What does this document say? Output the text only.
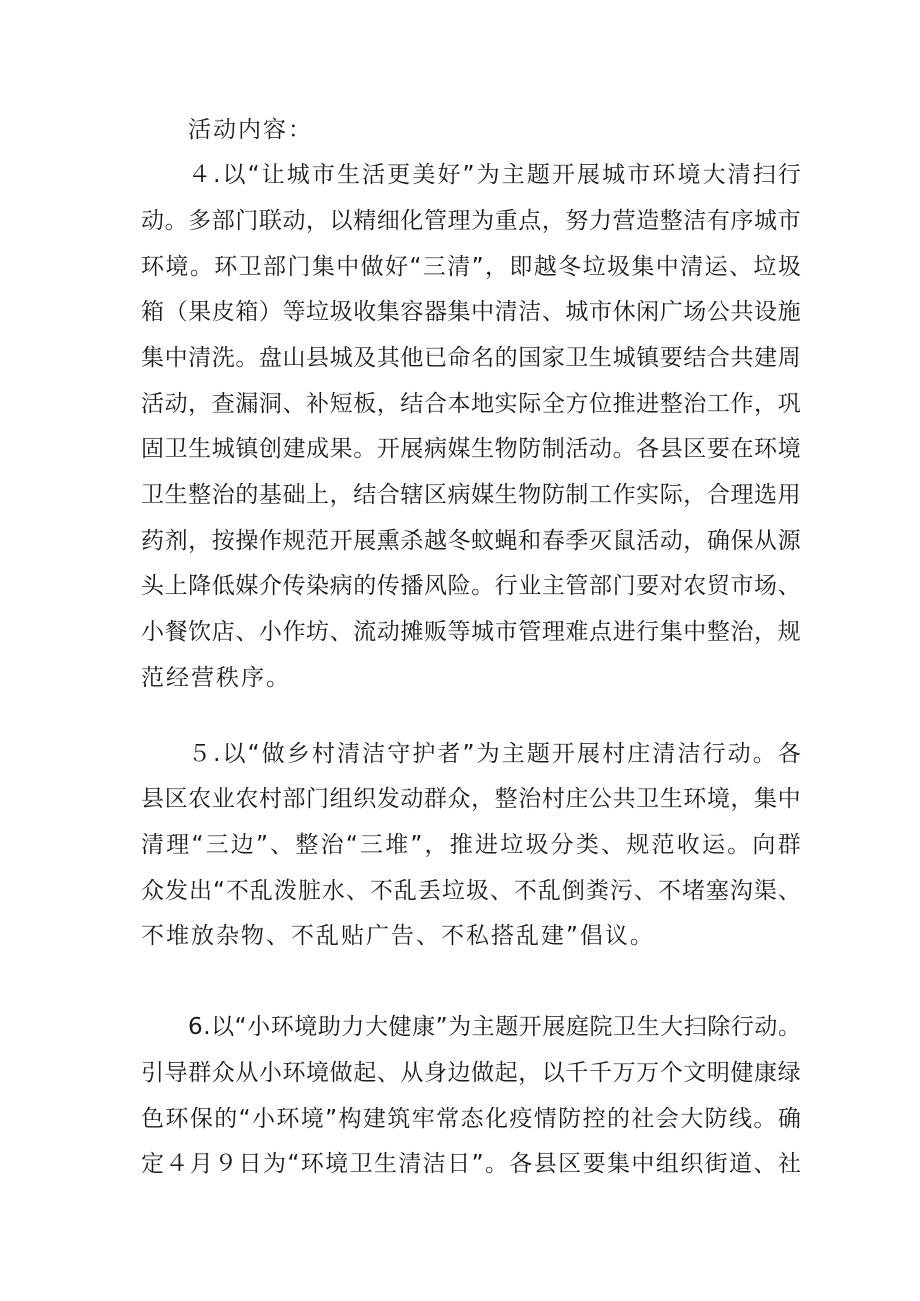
活动内容：
４ . 以 “ 让 城 市 生 活 更 美 好 ” 为 主 题 开 展 城 市 环 境 大 清 扫 行
动 。 多 部 门 联 动 ， 以 精 细 化 管 理 为 重 点 ， 努 力 营 造 整 洁 有 序 城 市
环 境 。 环 卫 部 门 集 中 做 好 “ 三 清 ” ， 即 越 冬 垃 圾 集 中 清 运 、 垃 圾
箱 （ 果 皮 箱 ） 等 垃 圾 收 集 容 器 集 中 清 洁 、 城 市 休 闲 广 场 公 共 设 施
集 中 清 洗 。 盘 山 县 城 及 其 他 已 命 名 的 国 家 卫 生 城 镇 要 结 合 共 建 周
活 动 ， 查 漏 洞 、 补 短 板 ， 结 合 本 地 实 际 全 方 位 推 进 整 治 工 作 ， 巩
固 卫 生 城 镇 创 建 成 果 。 开 展 病 媒 生 物 防 制 活 动 。 各 县 区 要 在 环 境
卫 生 整 治 的 基 础 上 ， 结 合 辖 区 病 媒 生 物 防 制 工 作 实 际 ， 合 理 选 用
药 剂 ， 按 操 作 规 范 开 展 熏 杀 越 冬 蚊 蝇 和 春 季 灭 鼠 活 动 ， 确 保 从 源
头 上 降 低 媒 介 传 染 病 的 传 播 风 险 。 行 业 主 管 部 门 要 对 农 贸 市 场 、
小 餐 饮 店 、 小 作 坊 、 流 动 摊 贩 等 城 市 管 理 难 点 进 行 集 中 整 治 ， 规
范经营秩序。
５ . 以 “ 做 乡 村 清 洁 守 护 者 ” 为 主 题 开 展 村 庄 清 洁 行 动 。 各
县 区 农 业 农 村 部 门 组 织 发 动 群 众 ， 整 治 村 庄 公 共 卫 生 环 境 ， 集 中
清 理 “ 三 边 ” 、 整 治 “ 三 堆 ” ， 推 进 垃 圾 分 类 、 规 范 收 运 。 向 群
众 发 出 “ 不 乱 泼 脏 水 、 不 乱 丢 垃 圾 、 不 乱 倒 粪 污 、 不 堵 塞 沟 渠 、
不堆放杂物、不乱贴广告、不私搭乱建”倡议。
6 . 以 “ 小 环 境 助 力 大 健 康 ” 为 主 题 开 展 庭 院 卫 生 大 扫 除 行 动 。
引 导 群 众 从 小 环 境 做 起 、 从 身 边 做 起 ， 以 千 千 万 万 个 文 明 健 康 绿
色 环 保 的 “ 小 环 境 ” 构 建 筑 牢 常 态 化 疫 情 防 控 的 社 会 大 防 线 。 确
定 ４ 月 ９ 日 为 “ 环 境 卫 生 清 洁 日 ” 。 各 县 区 要 集 中 组 织 街 道 、 社
